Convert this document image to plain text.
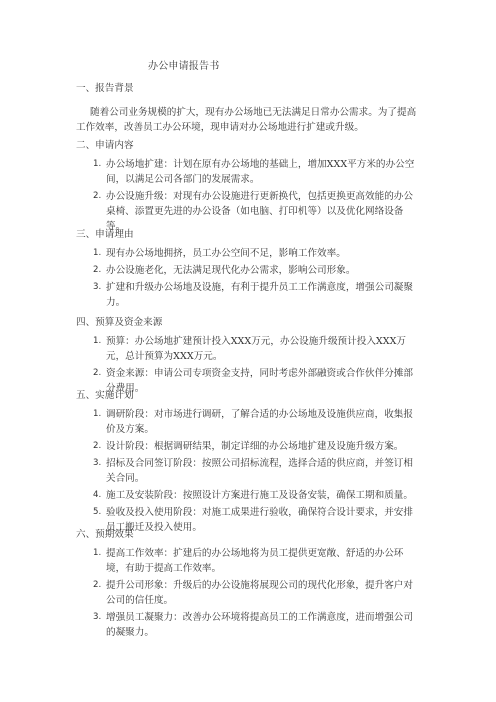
办公申请报告书

一、报告背景

随着公司业务规模的扩大，现有办公场地已无法满足日常办公需求。为了提高工作效率，改善员工办公环境，现申请对办公场地进行扩建或升级。

二、申请内容

1. 办公场地扩建：计划在原有办公场地的基础上，增加XXX平方米的办公空间，以满足公司各部门的发展需求。
2. 办公设施升级：对现有办公设施进行更新换代，包括更换更高效能的办公桌椅、添置更先进的办公设备（如电脑、打印机等）以及优化网络设备等。

三、申请理由

1. 现有办公场地拥挤，员工办公空间不足，影响工作效率。
2. 办公设施老化，无法满足现代化办公需求，影响公司形象。
3. 扩建和升级办公场地及设施，有利于提升员工工作满意度，增强公司凝聚力。

四、预算及资金来源

1. 预算：办公场地扩建预计投入XXX万元，办公设施升级预计投入XXX万元，总计预算为XXX万元。
2. 资金来源：申请公司专项资金支持，同时考虑外部融资或合作伙伴分摊部分费用。

五、实施计划

1. 调研阶段：对市场进行调研，了解合适的办公场地及设施供应商，收集报价及方案。
2. 设计阶段：根据调研结果，制定详细的办公场地扩建及设施升级方案。
3. 招标及合同签订阶段：按照公司招标流程，选择合适的供应商，并签订相关合同。
4. 施工及安装阶段：按照设计方案进行施工及设备安装，确保工期和质量。
5. 验收及投入使用阶段：对施工成果进行验收，确保符合设计要求，并安排员工搬迁及投入使用。

六、预期效果

1. 提高工作效率：扩建后的办公场地将为员工提供更宽敞、舒适的办公环境，有助于提高工作效率。
2. 提升公司形象：升级后的办公设施将展现公司的现代化形象，提升客户对公司的信任度。
3. 增强员工凝聚力：改善办公环境将提高员工的工作满意度，进而增强公司的凝聚力。
